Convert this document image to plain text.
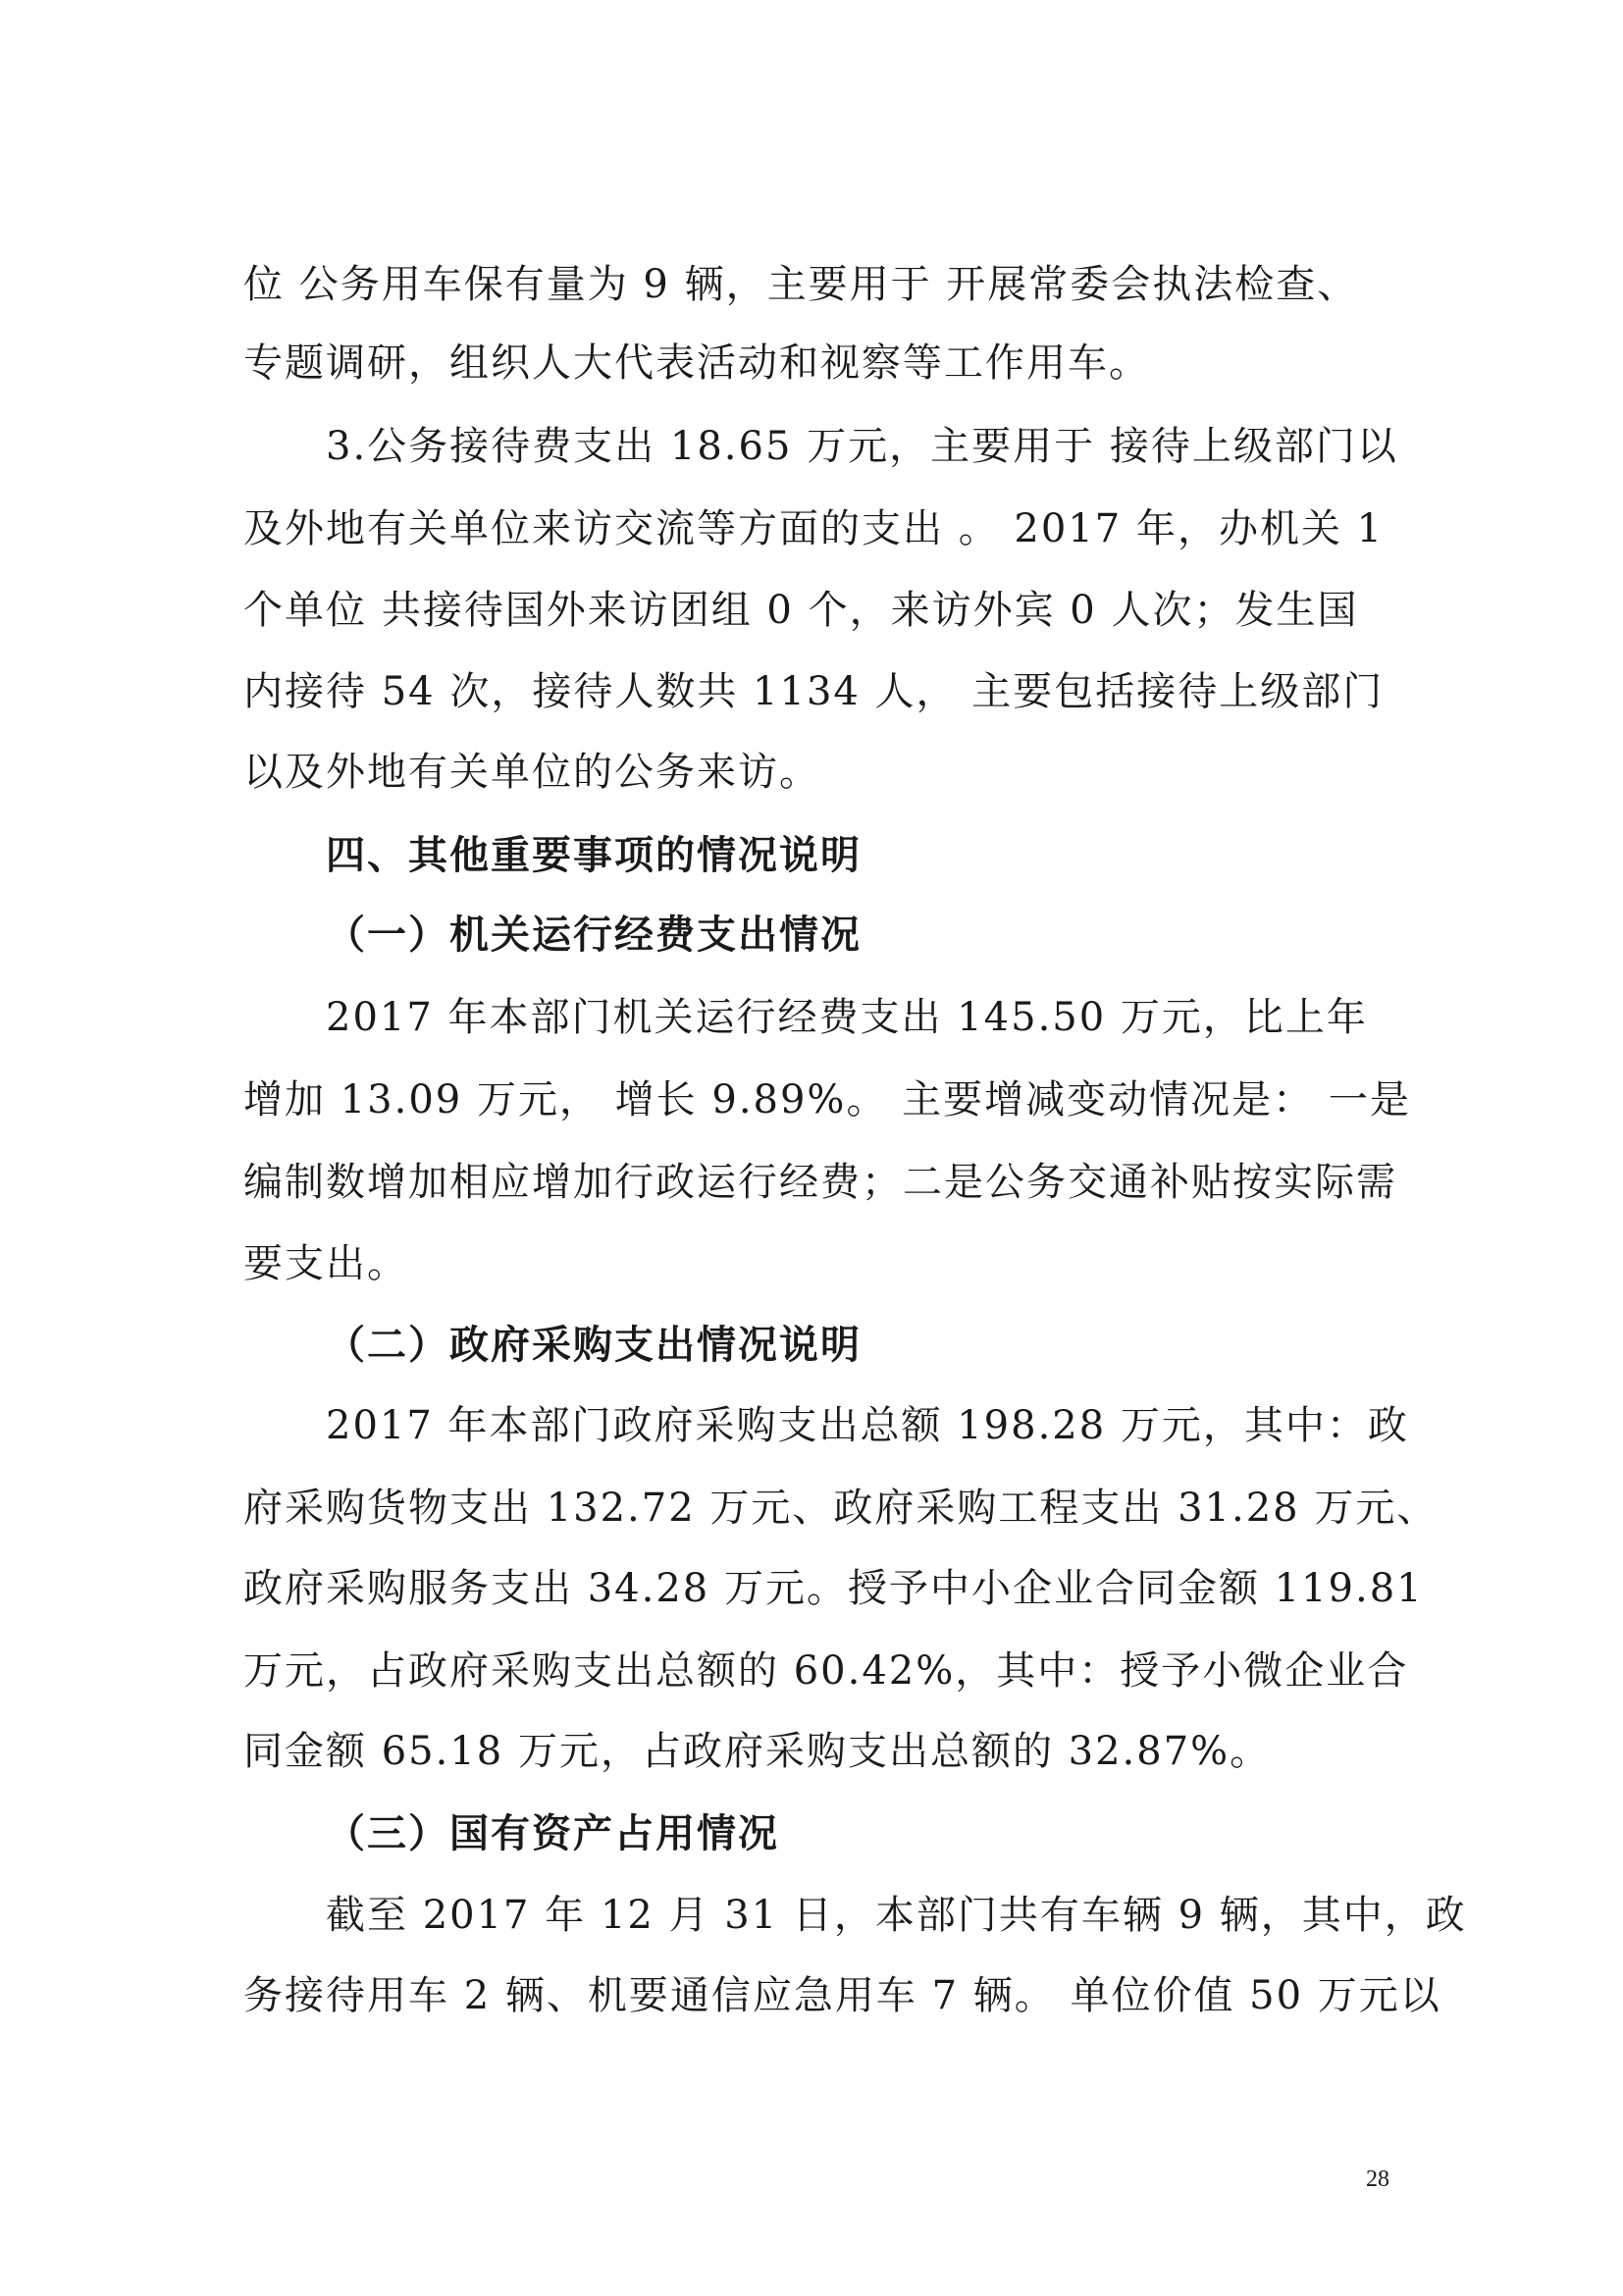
位 公务用车保有量为 9 辆，主要用于 开展常委会执法检查、
专题调研，组织人大代表活动和视察等工作用车。
3.公务接待费支出 18.65 万元，主要用于 接待上级部门以
及外地有关单位来访交流等方面的支出 。 2017 年，办机关 1
个单位 共接待国外来访团组 0 个，来访外宾 0 人次；发生国
内接待 54 次，接待人数共 1134 人， 主要包括接待上级部门
以及外地有关单位的公务来访。
四、其他重要事项的情况说明
（一）机关运行经费支出情况
2017 年本部门机关运行经费支出 145.50 万元，比上年
增加 13.09 万元， 增长 9.89%。 主要增减变动情况是： 一是
编制数增加相应增加行政运行经费；二是公务交通补贴按实际需
要支出。
（二）政府采购支出情况说明
2017 年本部门政府采购支出总额 198.28 万元，其中：政
府采购货物支出 132.72 万元、政府采购工程支出 31.28 万元、
政府采购服务支出 34.28 万元。授予中小企业合同金额 119.81
万元，占政府采购支出总额的 60.42%，其中：授予小微企业合
同金额 65.18 万元，占政府采购支出总额的 32.87%。
（三）国有资产占用情况
截至 2017 年 12 月 31 日，本部门共有车辆 9 辆，其中，政
务接待用车 2 辆、机要通信应急用车 7 辆。 单位价值 50 万元以
28
